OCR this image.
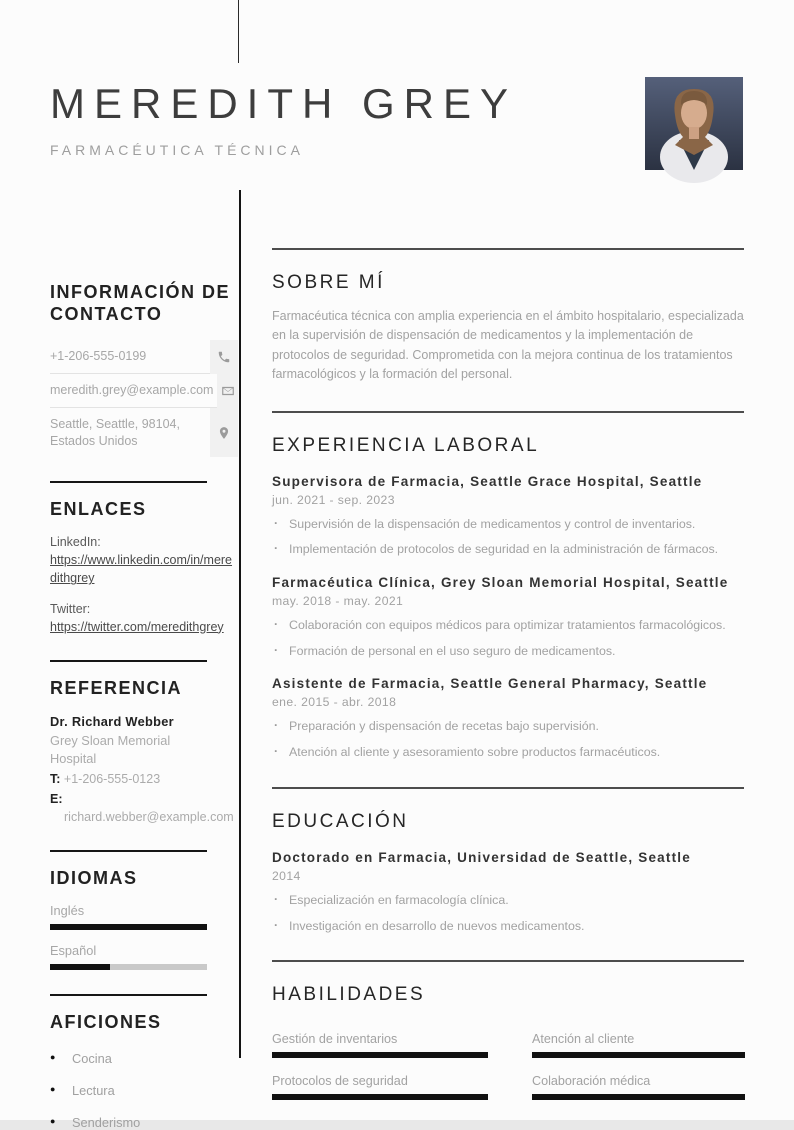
MEREDITH GREY
FARMACÉUTICA TÉCNICA
INFORMACIÓN DE CONTACTO
+1-206-555-0199
meredith.grey@example.com
Seattle, Seattle, 98104, Estados Unidos
ENLACES
LinkedIn:
https://www.linkedin.com/in/meredithgrey
Twitter:
https://twitter.com/meredithgrey
REFERENCIA
Dr. Richard Webber
Grey Sloan Memorial Hospital
T: +1-206-555-0123
E: richard.webber@example.com
IDIOMAS
Inglés
Español
AFICIONES
● Cocina
● Lectura
● Senderismo
SOBRE MÍ

Farmacéutica técnica con amplia experiencia en el ámbito hospitalario, especializada en la supervisión de dispensación de medicamentos y la implementación de protocolos de seguridad. Comprometida con la mejora continua de los tratamientos farmacológicos y la formación del personal.

EXPERIENCIA LABORAL
Supervisora de Farmacia, Seattle Grace Hospital, Seattle
jun. 2021 - sep. 2023
· Supervisión de la dispensación de medicamentos y control de inventarios.
· Implementación de protocolos de seguridad en la administración de fármacos.
Farmacéutica Clínica, Grey Sloan Memorial Hospital, Seattle
may. 2018 - may. 2021
· Colaboración con equipos médicos para optimizar tratamientos farmacológicos.
· Formación de personal en el uso seguro de medicamentos.
Asistente de Farmacia, Seattle General Pharmacy, Seattle
ene. 2015 - abr. 2018
· Preparación y dispensación de recetas bajo supervisión.
· Atención al cliente y asesoramiento sobre productos farmacéuticos.
EDUCACIÓN
Doctorado en Farmacia, Universidad de Seattle, Seattle
2014
· Especialización en farmacología clínica.
· Investigación en desarrollo de nuevos medicamentos.
HABILIDADES
Gestión de inventarios	Atención al cliente
Protocolos de seguridad	Colaboración médica
